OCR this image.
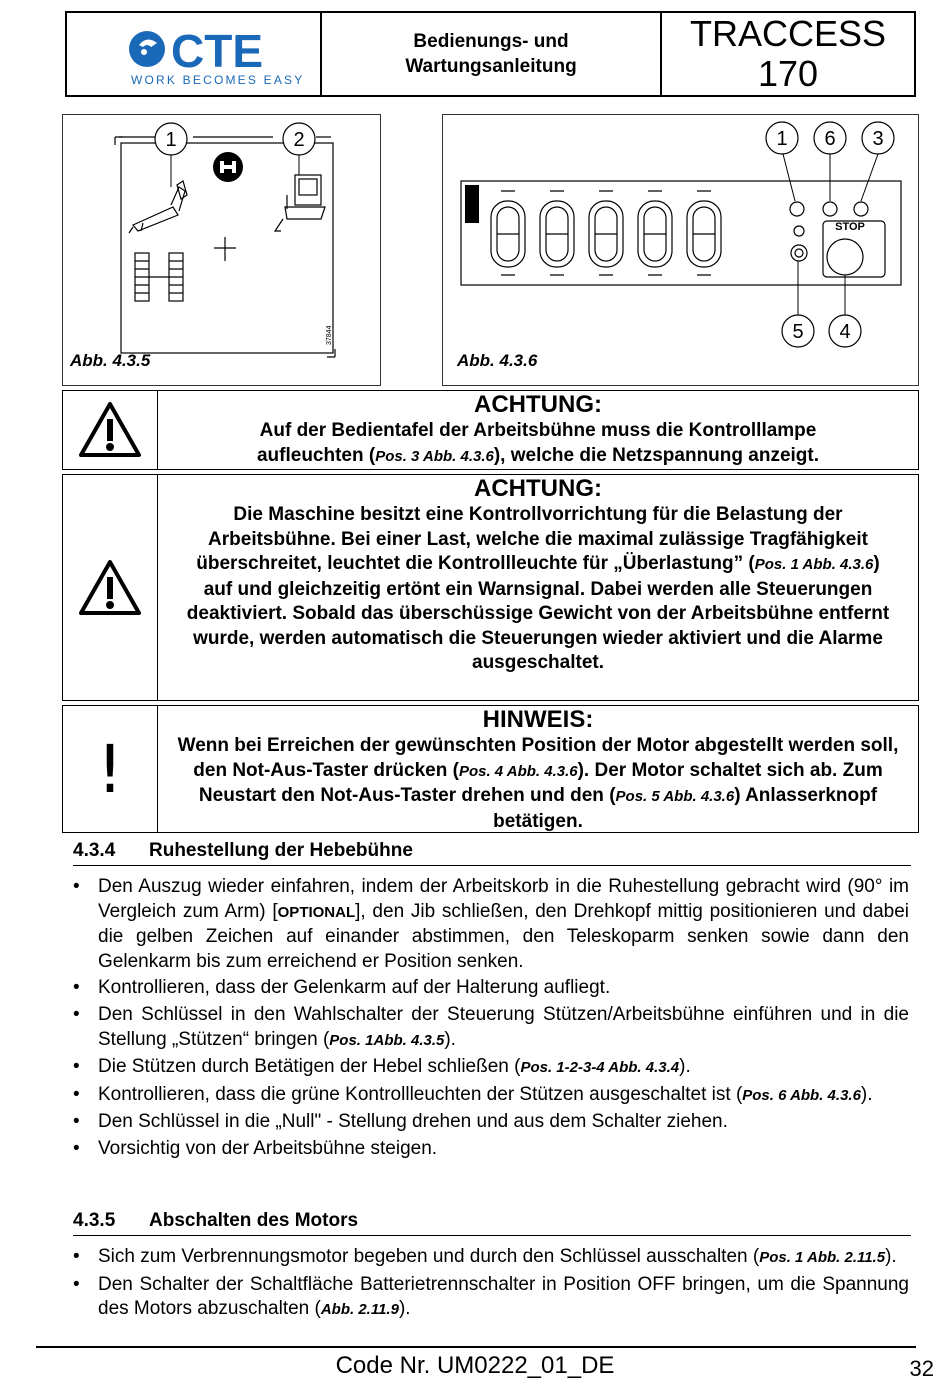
CTE
WORK BECOMES EASY
Bedienungs- und
Wartungsanleitung
TRACCESS
170
1	2
37844
Abb. 4.3.5
STOP
1 6 3
5 4
Abb. 4.3.6
ACHTUNG:
Auf der Bedientafel der Arbeitsbühne muss die Kontrolllampe
aufleuchten (Pos. 3 Abb. 4.3.6), welche die Netzspannung anzeigt.
ACHTUNG:
Die Maschine besitzt eine Kontrollvorrichtung für die Belastung der Arbeitsbühne. Bei einer Last, welche die maximal zulässige Tragfähigkeit überschreitet, leuchtet die Kontrollleuchte für „Überlastung” (Pos. 1 Abb. 4.3.6) auf und gleichzeitig ertönt ein Warnsignal. Dabei werden alle Steuerungen deaktiviert. Sobald das überschüssige Gewicht von der Arbeitsbühne entfernt wurde, werden automatisch die Steuerungen wieder aktiviert und die Alarme ausgeschaltet.
!
HINWEIS:
Wenn bei Erreichen der gewünschten Position der Motor abgestellt werden soll, den Not-Aus-Taster drücken (Pos. 4 Abb. 4.3.6). Der Motor schaltet sich ab. Zum Neustart den Not-Aus-Taster drehen und den (Pos. 5 Abb. 4.3.6) Anlasserknopf betätigen.
4.3.4 Ruhestellung der Hebebühne
• Den Auszug wieder einfahren, indem der Arbeitskorb in die Ruhestellung gebracht wird (90° im Vergleich zum Arm) [OPTIONAL], den Jib schließen, den Drehkopf mittig positionieren und dabei die gelben Zeichen auf einander abstimmen, den Teleskoparm senken sowie dann den Gelenkarm bis zum erreichend er Position senken.
• Kontrollieren, dass der Gelenkarm auf der Halterung aufliegt.
• Den Schlüssel in den Wahlschalter der Steuerung Stützen/Arbeitsbühne einführen und in die Stellung „Stützen“ bringen (Pos. 1Abb. 4.3.5).
• Die Stützen durch Betätigen der Hebel schließen (Pos. 1-2-3-4 Abb. 4.3.4).
• Kontrollieren, dass die grüne Kontrollleuchten der Stützen ausgeschaltet ist (Pos. 6 Abb. 4.3.6).
• Den Schlüssel in die „Null" - Stellung drehen und aus dem Schalter ziehen.
• Vorsichtig von der Arbeitsbühne steigen.
4.3.5 Abschalten des Motors
• Sich zum Verbrennungsmotor begeben und durch den Schlüssel ausschalten (Pos. 1 Abb. 2.11.5).
• Den Schalter der Schaltfläche Batterietrennschalter in Position OFF bringen, um die Spannung des Motors abzuschalten (Abb. 2.11.9).
Code Nr. UM0222_01_DE	32
